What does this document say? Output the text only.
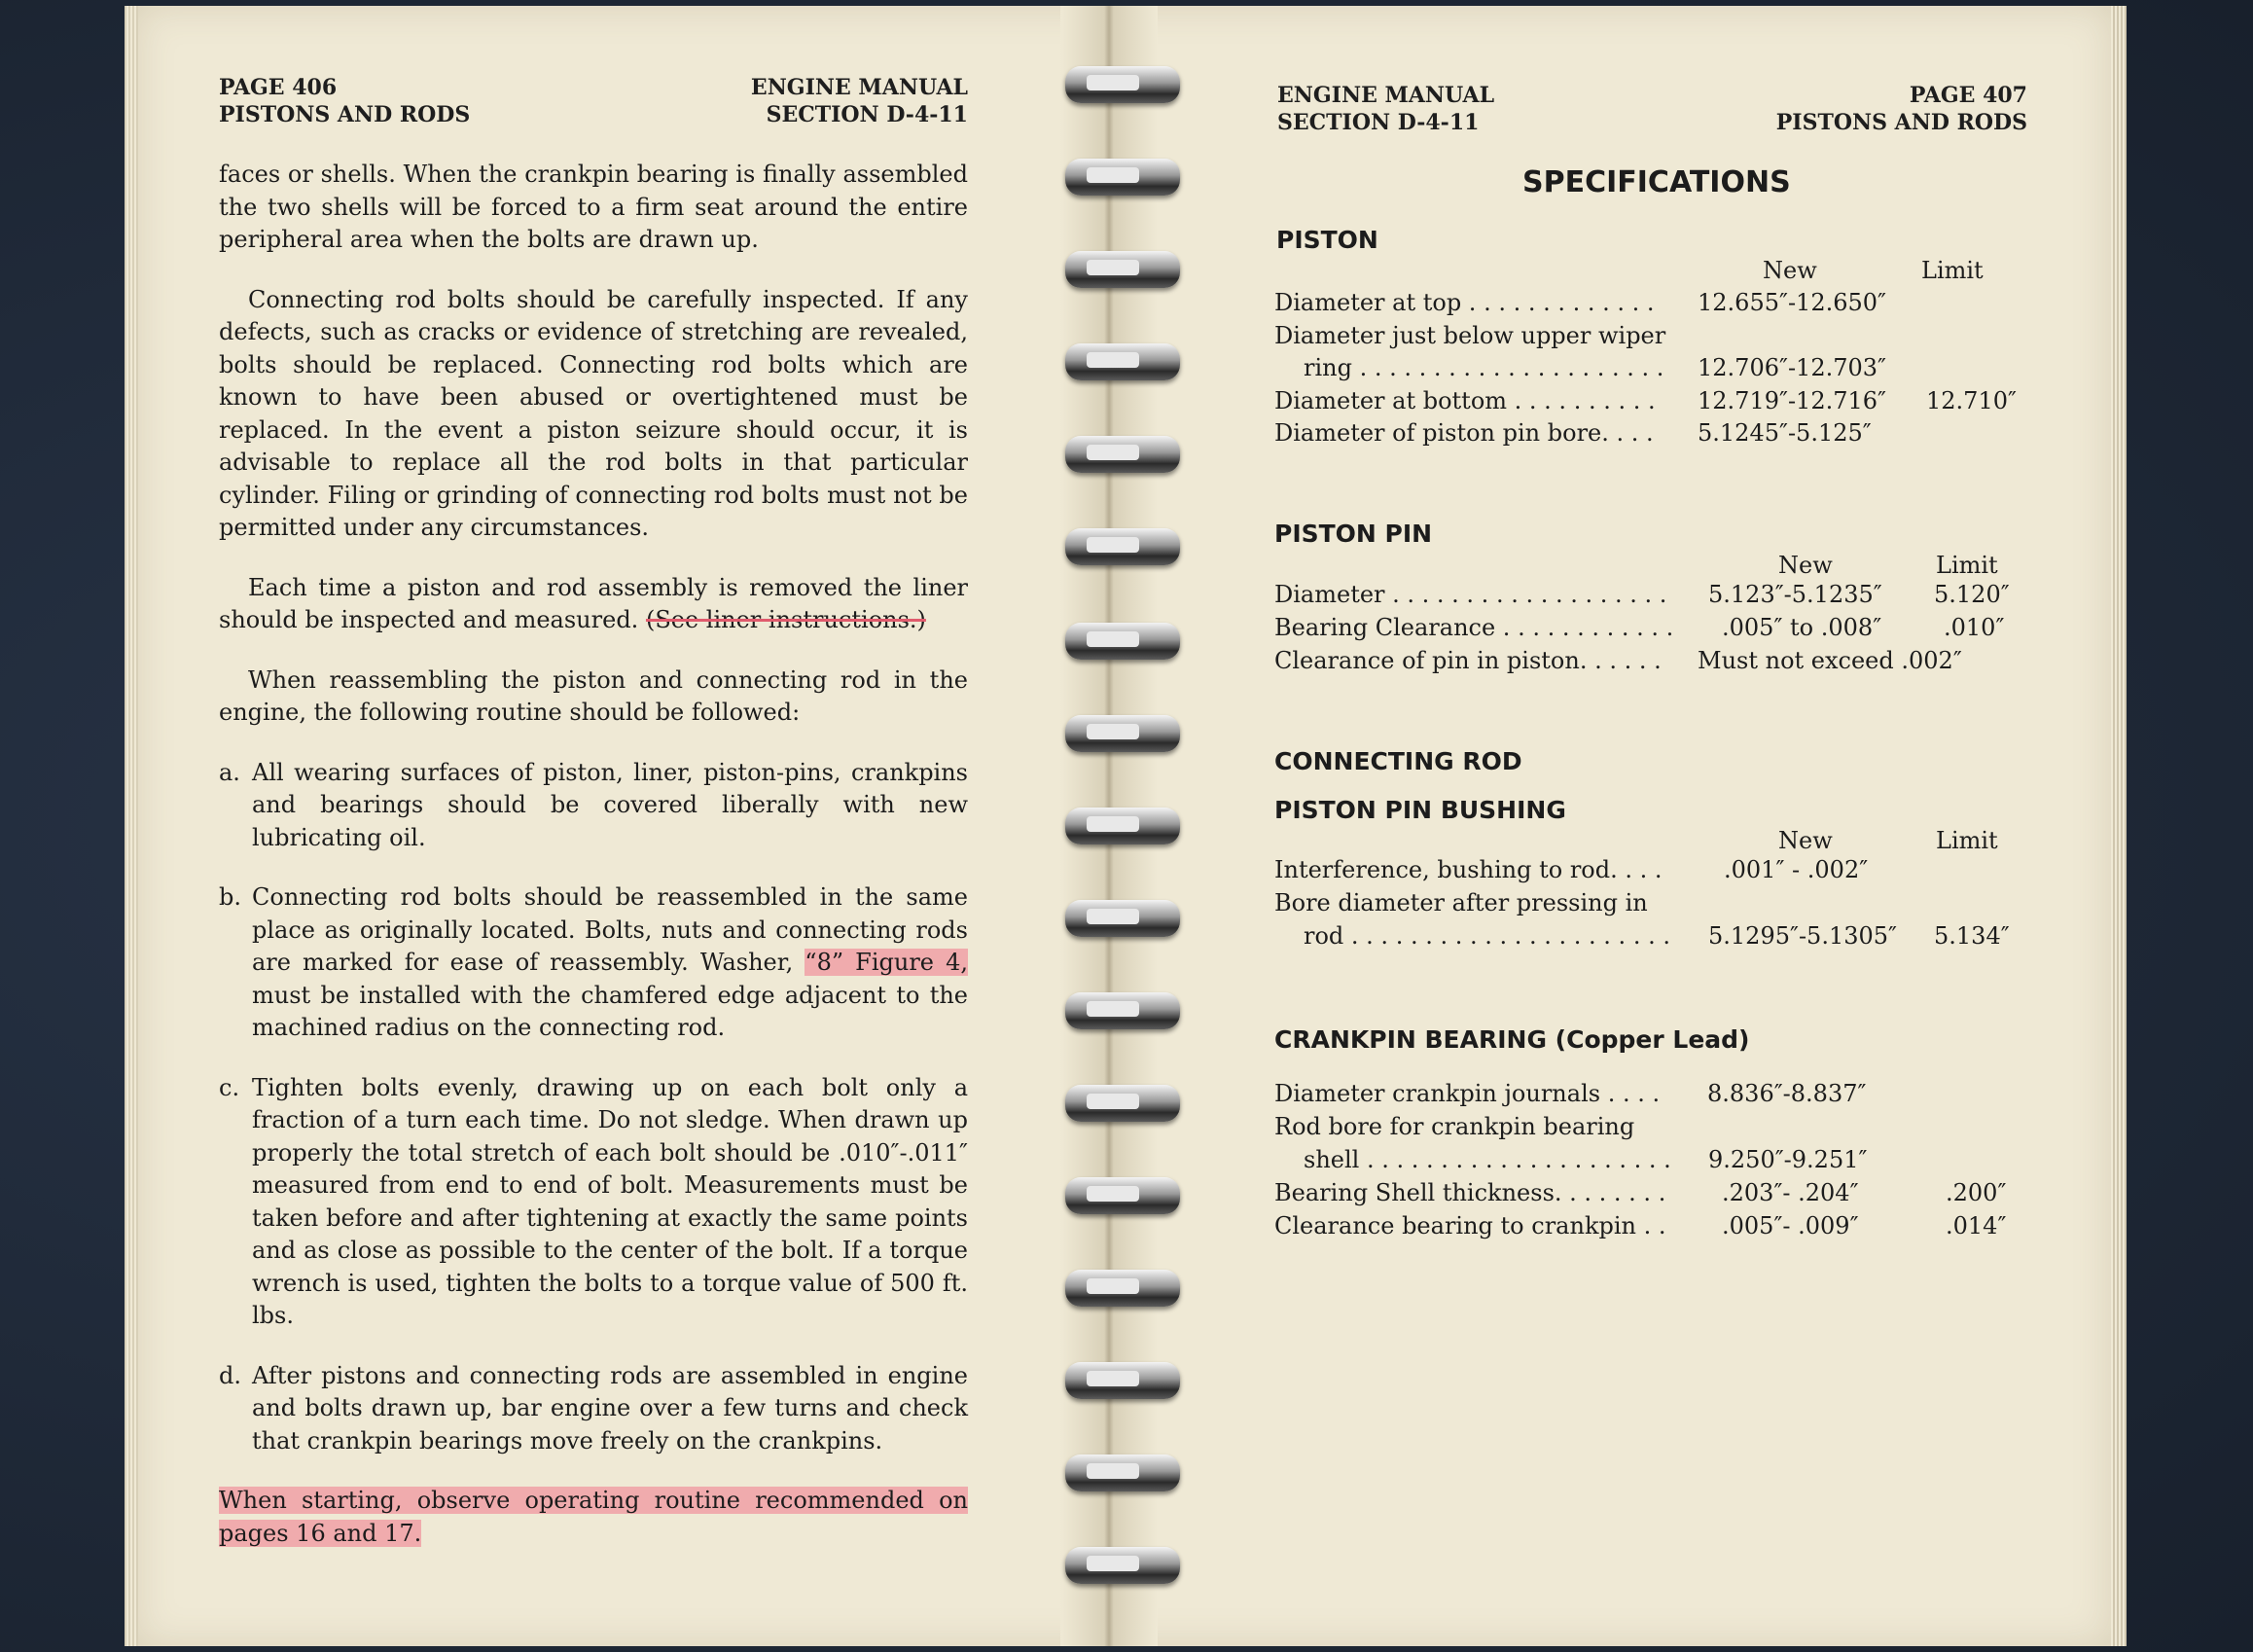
PAGE 406
PISTONS AND RODS
ENGINE MANUAL
SECTION D-4-11

faces or shells. When the crankpin bearing is finally assembled the two shells will be forced to a firm seat around the entire peripheral area when the bolts are drawn up.

Connecting rod bolts should be carefully inspected. If any defects, such as cracks or evidence of stretching are revealed, bolts should be replaced. Connecting rod bolts which are known to have been abused or overtightened must be replaced. In the event a piston seizure should occur, it is advisable to replace all the rod bolts in that particular cylinder. Filing or grinding of connecting rod bolts must not be permitted under any circumstances.

Each time a piston and rod assembly is removed the liner should be inspected and measured. (See liner instructions.)

When reassembling the piston and connecting rod in the engine, the following routine should be followed:

a. All wearing surfaces of piston, liner, piston-pins, crankpins and bearings should be covered liberally with new lubricating oil.
b. Connecting rod bolts should be reassembled in the same place as originally located. Bolts, nuts and connecting rods are marked for ease of reassembly. Washer, “8” Figure 4, must be installed with the chamfered edge adjacent to the machined radius on the connecting rod.
c. Tighten bolts evenly, drawing up on each bolt only a fraction of a turn each time. Do not sledge. When drawn up properly the total stretch of each bolt should be .010″-.011″ measured from end to end of bolt. Measurements must be taken before and after tightening at exactly the same points and as close as possible to the center of the bolt. If a torque wrench is used, tighten the bolts to a torque value of 500 ft. lbs.
d. After pistons and connecting rods are assembled in engine and bolts drawn up, bar engine over a few turns and check that crankpin bearings move freely on the crankpins.

When starting, observe operating routine recommended on pages 16 and 17.

ENGINE MANUAL
SECTION D-4-11
PAGE 407
PISTONS AND RODS
SPECIFICATIONS
PISTON
New	Limit
Diameter at top . . . . . . . . . . . . . 12.655″-12.650″
Diameter just below upper wiper
ring . . . . . . . . . . . . . . . . . . . . . 12.706″-12.703″
Diameter at bottom . . . . . . . . . . 12.719″-12.716″ 12.710″
Diameter of piston pin bore. . . . 5.1245″-5.125″
PISTON PIN
New	Limit
Diameter . . . . . . . . . . . . . . . . . . . 5.123″-5.1235″ 5.120″
Bearing Clearance . . . . . . . . . . . . .005″ to .008″	.010″
Clearance of pin in piston. . . . . . Must not exceed .002″
CONNECTING ROD
PISTON PIN BUSHING
New	Limit
Interference, bushing to rod. . . .	.001″ - .002″
Bore diameter after pressing in
rod . . . . . . . . . . . . . . . . . . . . . . 5.1295″-5.1305″ 5.134″
CRANKPIN BEARING (Copper Lead)
Diameter crankpin journals . . . . 8.836″-8.837″
Rod bore for crankpin bearing
shell . . . . . . . . . . . . . . . . . . . . . 9.250″-9.251″
Bearing Shell thickness. . . . . . . . .203″- .204″	.200″
Clearance bearing to crankpin . . .005″- .009″	.014″
